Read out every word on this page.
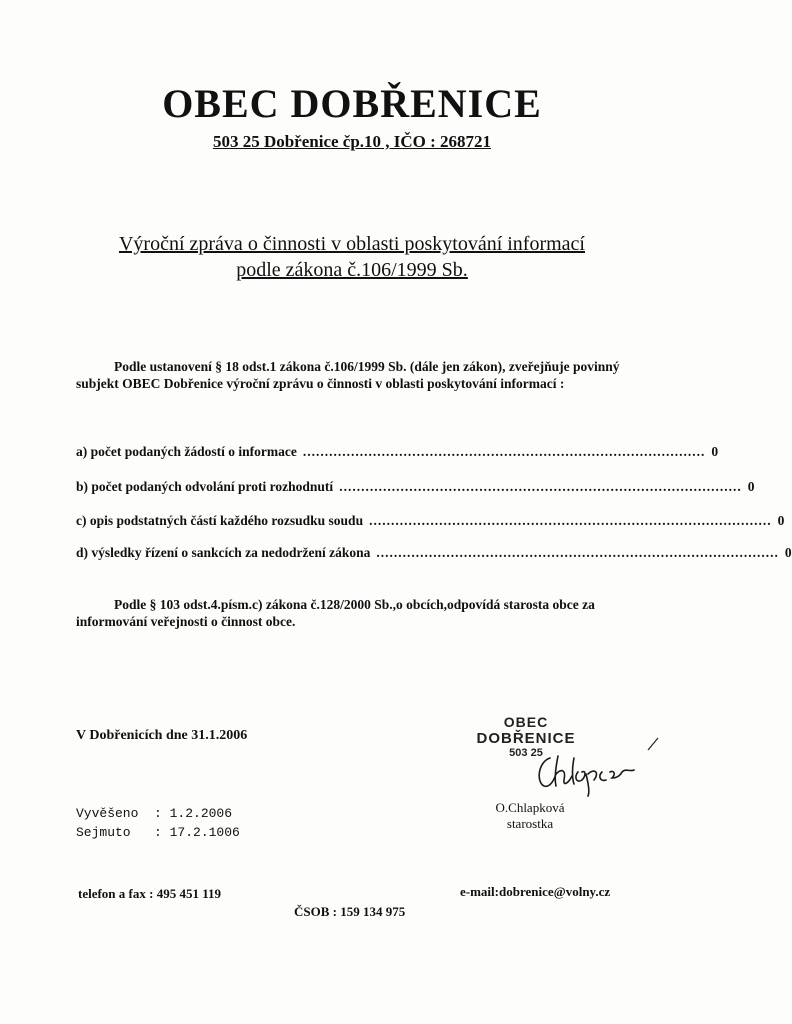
OBEC DOBŘENICE
503 25 Dobřenice čp.10 , IČO : 268721
Výroční zpráva o činnosti v oblasti poskytování informací
podle zákona č.106/1999 Sb.
Podle ustanovení § 18 odst.1 zákona č.106/1999 Sb. (dále jen zákon), zveřejňuje povinný subjekt OBEC Dobřenice výroční zprávu o činnosti v oblasti poskytování informací :
a) počet podaných žádostí o informace ............................................................................................ 0
b) počet podaných odvolání proti rozhodnutí ............................................................................................ 0
c) opis podstatných částí každého rozsudku soudu ............................................................................................ 0
d) výsledky řízení o sankcích za nedodržení zákona ............................................................................................ 0
Podle § 103 odst.4.písm.c) zákona č.128/2000 Sb.,o obcích,odpovídá starosta obce za informování veřejnosti o činnost obce.
V Dobřenicích dne 31.1.2006
OBEC
DOBŘENICE
503 25
O.Chlapková
starostka
Vyvěšeno : 1.2.2006
Sejmuto : 17.2.1006
telefon a fax : 495 451 119	e-mail:dobrenice@volny.cz
ČSOB : 159 134 975
